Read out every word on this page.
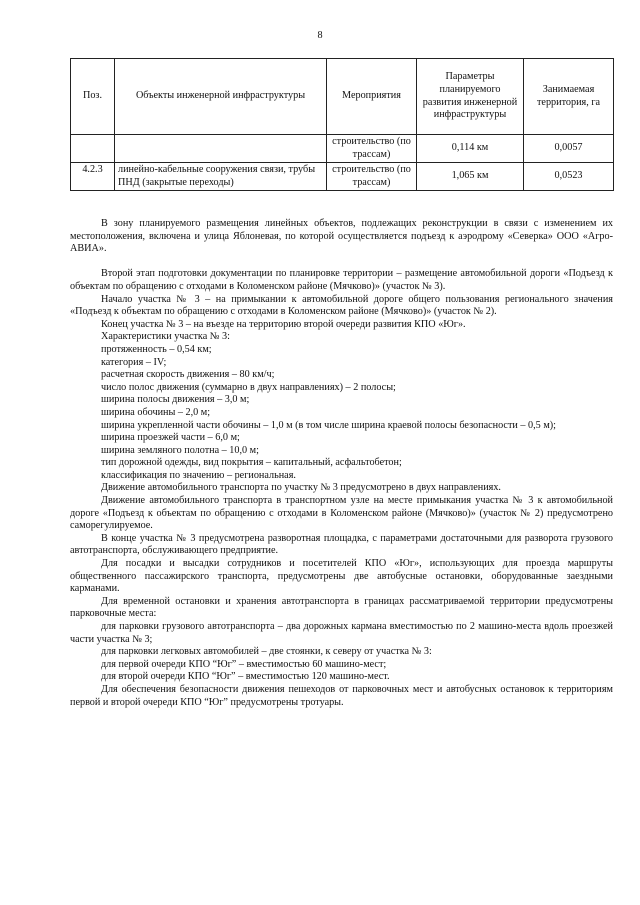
8
Поз.	Объекты инженерной инфраструктуры	Мероприятия	Параметры планируемого развития инженерной инфраструктуры	Занимаемая территория, га
		строительство (по трассам)	0,114 км	0,0057
4.2.3	линейно-кабельные сооружения связи, трубы ПНД (закрытые переходы)	строительство (по трассам)	1,065 км	0,0523

В зону планируемого размещения линейных объектов, подлежащих реконструкции в связи с изменением их местоположения, включена и улица Яблоневая, по которой осуществляется подъезд к аэродрому «Северка» ООО «Агро-АВИА».

Второй этап подготовки документации по планировке территории – размещение автомобильной дороги «Подъезд к объектам по обращению с отходами в Коломенском районе (Мячково)» (участок № 3).

Начало участка № 3 – на примыкании к автомобильной дороге общего пользования регионального значения «Подъезд к объектам по обращению с отходами в Коломенском районе (Мячково)» (участок № 2).

Конец участка № 3 – на въезде на территорию второй очереди развития КПО «Юг».

Характеристики участка № 3:

протяженность – 0,54 км;

категория – IV;

расчетная скорость движения – 80 км/ч;

число полос движения (суммарно в двух направлениях) – 2 полосы;

ширина полосы движения – 3,0 м;

ширина обочины – 2,0 м;

ширина укрепленной части обочины – 1,0 м (в том числе ширина краевой полосы безопасности – 0,5 м);

ширина проезжей части – 6,0 м;

ширина земляного полотна – 10,0 м;

тип дорожной одежды, вид покрытия – капитальный, асфальтобетон;

классификация по значению – региональная.

Движение автомобильного транспорта по участку № 3 предусмотрено в двух направлениях.

Движение автомобильного транспорта в транспортном узле на месте примыкания участка № 3 к автомобильной дороге «Подъезд к объектам по обращению с отходами в Коломенском районе (Мячково)» (участок № 2) предусмотрено саморегулируемое.

В конце участка № 3 предусмотрена разворотная площадка, с параметрами достаточными для разворота грузового автотранспорта, обслуживающего предприятие.

Для посадки и высадки сотрудников и посетителей КПО «Юг», использующих для проезда маршруты общественного пассажирского транспорта, предусмотрены две автобусные остановки, оборудованные заездными карманами.

Для временной остановки и хранения автотранспорта в границах рассматриваемой территории предусмотрены парковочные места:

для парковки грузового автотранспорта – два дорожных кармана вместимостью по 2 машино-места вдоль проезжей части участка № 3;

для парковки легковых автомобилей – две стоянки, к северу от участка № 3:

для первой очереди КПО “Юг” – вместимостью 60 машино-мест;

для второй очереди КПО “Юг” – вместимостью 120 машино-мест.

Для обеспечения безопасности движения пешеходов от парковочных мест и автобусных остановок к территориям первой и второй очереди КПО “Юг” предусмотрены тротуары.
